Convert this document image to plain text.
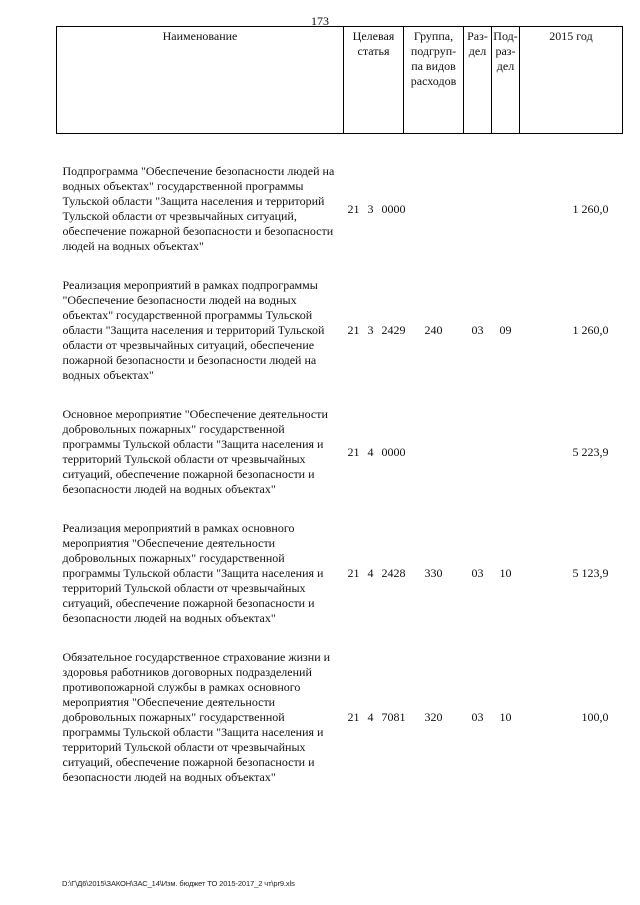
173
Наименование	Целевая статья	Группа, подгруп-па видов расходов	Раз-дел	Под-раз-дел	2015 год

Подпрограмма "Обеспечение безопасности людей на водных объектах" государственной программы Тульской области "Защита населения и территорий Тульской области от чрезвычайных ситуаций, обеспечение пожарной безопасности и безопасности людей на водных объектах"	21 3 0000				1 260,0

Реализация мероприятий в рамках подпрограммы "Обеспечение безопасности людей на водных объектах" государственной программы Тульской области "Защита населения и территорий Тульской области от чрезвычайных ситуаций, обеспечение пожарной безопасности и безопасности людей на водных объектах"	21 3 2429	240	03	09	1 260,0

Основное мероприятие "Обеспечение деятельности добровольных пожарных" государственной программы Тульской области "Защита населения и территорий Тульской области от чрезвычайных ситуаций, обеспечение пожарной безопасности и безопасности людей на водных объектах"	21 4 0000				5 223,9

Реализация мероприятий в рамках основного мероприятия "Обеспечение деятельности добровольных пожарных" государственной программы Тульской области "Защита населения и территорий Тульской области от чрезвычайных ситуаций, обеспечение пожарной безопасности и безопасности людей на водных объектах"	21 4 2428	330	03	10	5 123,9

Обязательное государственное страхование жизни и здоровья работников договорных подразделений противопожарной службы в рамках основного мероприятия "Обеспечение деятельности добровольных пожарных" государственной программы Тульской области "Защита населения и территорий Тульской области от чрезвычайных ситуаций, обеспечение пожарной безопасности и безопасности людей на водных объектах"	21 4 7081	320	03	10	100,0
D:\Г\Д6\2015\ЗАКОН\ЗАС_14\Изм. бюджет ТО 2015-2017_2 чт\pr9.xls
